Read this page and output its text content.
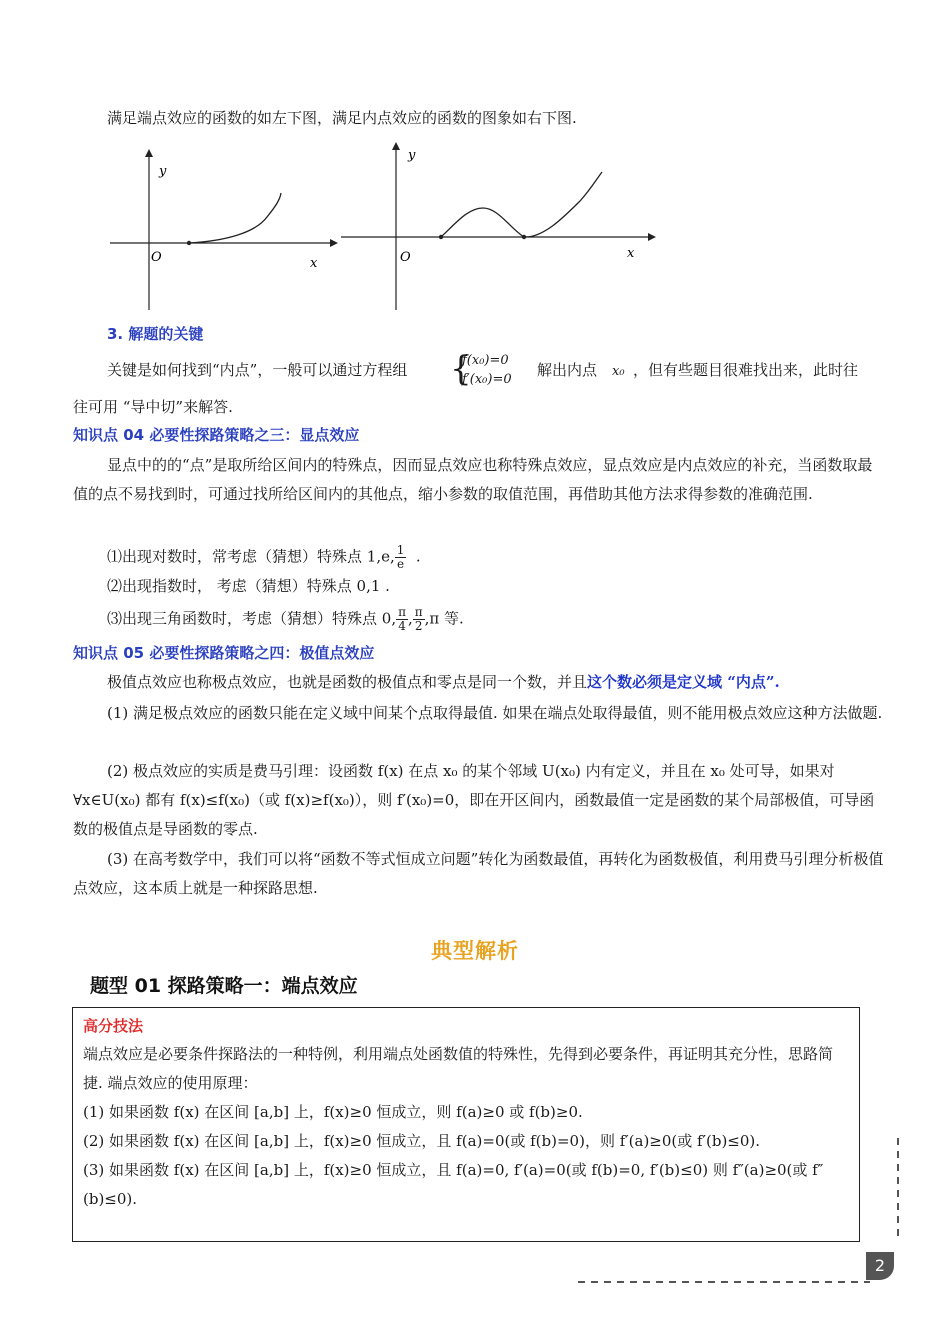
满足端点效应的函数的如左下图，满足内点效应的函数的图象如右下图.
y
O	x
y
O	x
3. 解题的关键
关键是如何找到“内点”，一般可以通过方程组 {
f(x₀)=0
f′(x₀)=0
解出内点 x₀ ，但有些题目很难找出来，此时往
往可用 “导中切”来解答.
知识点 04 必要性探路策略之三：显点效应
显点中的的“点”是取所给区间内的特殊点，因而显点效应也称特殊点效应，显点效应是内点效应的补充，当函数取最值的点不易找到时，可通过找所给区间内的其他点，缩小参数的取值范围，再借助其他方法求得参数的准确范围.
⑴出现对数时，常考虑（猜想）特殊点 1,e, $\frac{1}{e}$ .
⑵出现指数时， 考虑（猜想）特殊点 0,1 .
⑶出现三角函数时，考虑（猜想）特殊点 0, $\frac{\pi}{4}$ , $\frac{\pi}{2} ,\pi$ 等.
知识点 05 必要性探路策略之四：极值点效应
极值点效应也称极点效应，也就是函数的极值点和零点是同一个数，并且这个数必须是定义域 “内点”.
(1) 满足极点效应的函数只能在定义域中间某个点取得最值. 如果在端点处取得最值，则不能用极点效应这种方法做题.
(2) 极点效应的实质是费马引理：设函数 f(x) 在点 x₀ 的某个邻域 U(x₀) 内有定义，并且在 x₀ 处可导，如果对 ∀x∈U(x₀) 都有 f(x)≤f(x₀)（或 f(x)≥f(x₀)），则 f′(x₀)=0，即在开区间内，函数最值一定是函数的某个局部极值，可导函数的极值点是导函数的零点.
(3) 在高考数学中，我们可以将“函数不等式恒成立问题”转化为函数最值，再转化为函数极值，利用费马引理分析极值点效应，这本质上就是一种探路思想.
典型解析
题型 01 探路策略一：端点效应
高分技法
端点效应是必要条件探路法的一种特例，利用端点处函数值的特殊性，先得到必要条件，再证明其充分性，思路简捷. 端点效应的使用原理：
(1) 如果函数 f(x) 在区间 [a,b] 上，f(x)≥0 恒成立，则 f(a)≥0 或 f(b)≥0.
(2) 如果函数 f(x) 在区间 [a,b] 上，f(x)≥0 恒成立，且 f(a)=0(或 f(b)=0)，则 f′(a)≥0(或 f′(b)≤0).
(3) 如果函数 f(x) 在区间 [a,b] 上，f(x)≥0 恒成立，且 f(a)=0, f′(a)=0(或 f(b)=0, f′(b)≤0) 则 f″(a)≥0(或 f″(b)≤0).
2
